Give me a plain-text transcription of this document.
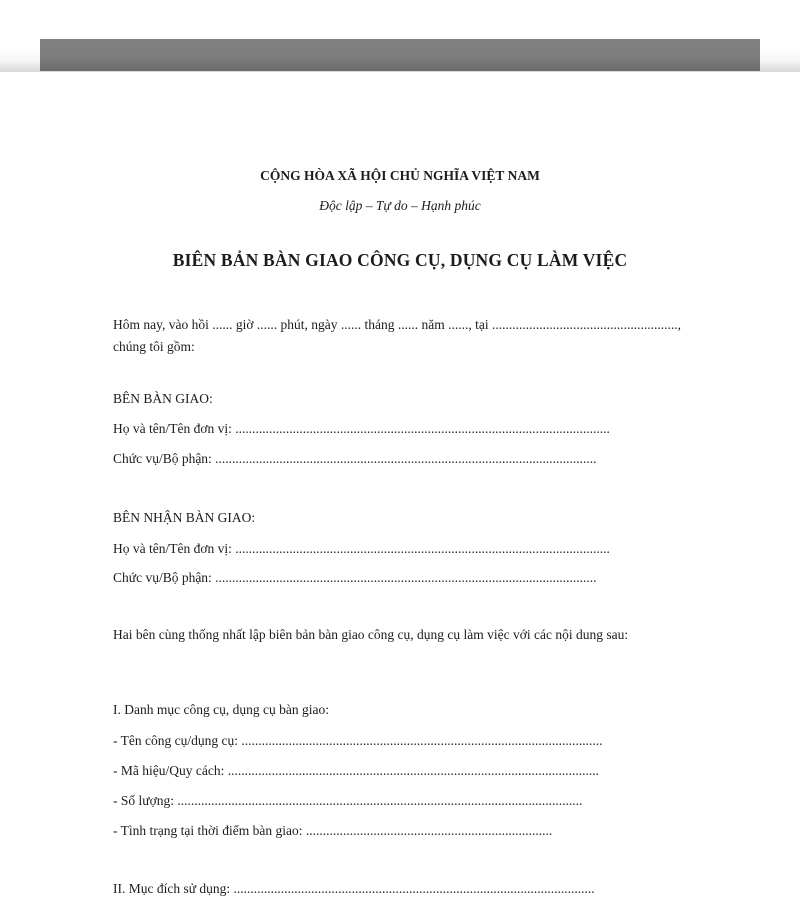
CỘNG HÒA XÃ HỘI CHỦ NGHĨA VIỆT NAM
Độc lập – Tự do – Hạnh phúc
BIÊN BẢN BÀN GIAO CÔNG CỤ, DỤNG CỤ LÀM VIỆC
Hôm nay, vào hồi ...... giờ ...... phút, ngày ...... tháng ...... năm ......, tại .......................................................,
chúng tôi gồm:
BÊN BÀN GIAO:
Họ và tên/Tên đơn vị: ...............................................................................................................
Chức vụ/Bộ phận: .................................................................................................................
BÊN NHẬN BÀN GIAO:
Họ và tên/Tên đơn vị: ...............................................................................................................
Chức vụ/Bộ phận: .................................................................................................................
Hai bên cùng thống nhất lập biên bản bàn giao công cụ, dụng cụ làm việc với các nội dung sau:
I. Danh mục công cụ, dụng cụ bàn giao:
- Tên công cụ/dụng cụ: ...........................................................................................................
- Mã hiệu/Quy cách: ..............................................................................................................
- Số lượng: ........................................................................................................................
- Tình trạng tại thời điểm bàn giao: .........................................................................
II. Mục đích sử dụng: ...........................................................................................................
